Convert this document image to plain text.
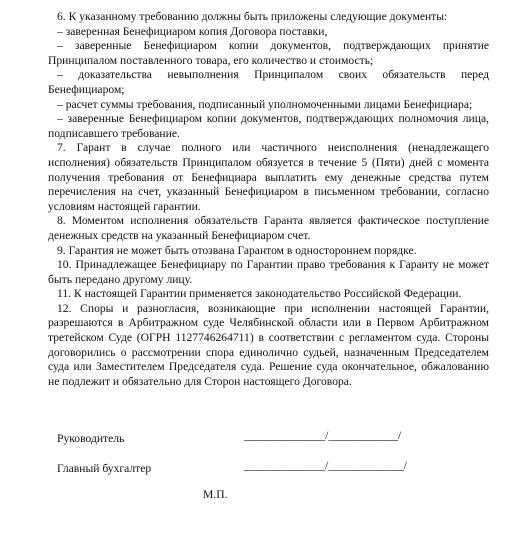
6. К указанному требованию должны быть приложены следующие документы:

– заверенная Бенефициаром копия Договора поставки,

– заверенные Бенефициаром копии документов, подтверждающих принятие Принципалом поставленного товара, его количество и стоимость;

– доказательства невыполнения Принципалом своих обязательств перед Бенефициаром;

– расчет суммы требования, подписанный уполномоченными лицами Бенефициара;

– заверенные Бенефициаром копии документов, подтверждающих полномочия лица, подписавшего требование.

7. Гарант в случае полного или частичного неисполнения (ненадлежащего исполнения) обязательств Принципалом обязуется в течение 5 (Пяти) дней с момента получения требования от Бенефициара выплатить ему денежные средства путем перечисления на счет, указанный Бенефициаром в письменном требовании, согласно условиям настоящей гарантии.

8. Моментом исполнения обязательств Гаранта является фактическое поступление денежных средств на указанный Бенефициаром счет.

9. Гарантия не может быть отозвана Гарантом в одностороннем порядке.

10. Принадлежащее Бенефициару по Гарантии право требования к Гаранту не может быть передано другому лицу.

11. К настоящей Гарантии применяется законодательство Российской Федерации.

12. Споры и разногласия, возникающие при исполнении настоящей Гарантии, разрешаются в Арбитражном суде Челябинской области или в Первом Арбитражном третейском Суде (ОГРН 1127746264711) в соответствии с регламентом суда. Стороны договорились о рассмотрении спора единолично судьей, назначенным Председателем суда или Заместителем Председателя суда. Решение суда окончательное, обжалованию не подлежит и обязательно для Сторон настоящего Договора.

Руководитель	______________/____________/
Главный бухгалтер	______________/_____________/
М.П.
